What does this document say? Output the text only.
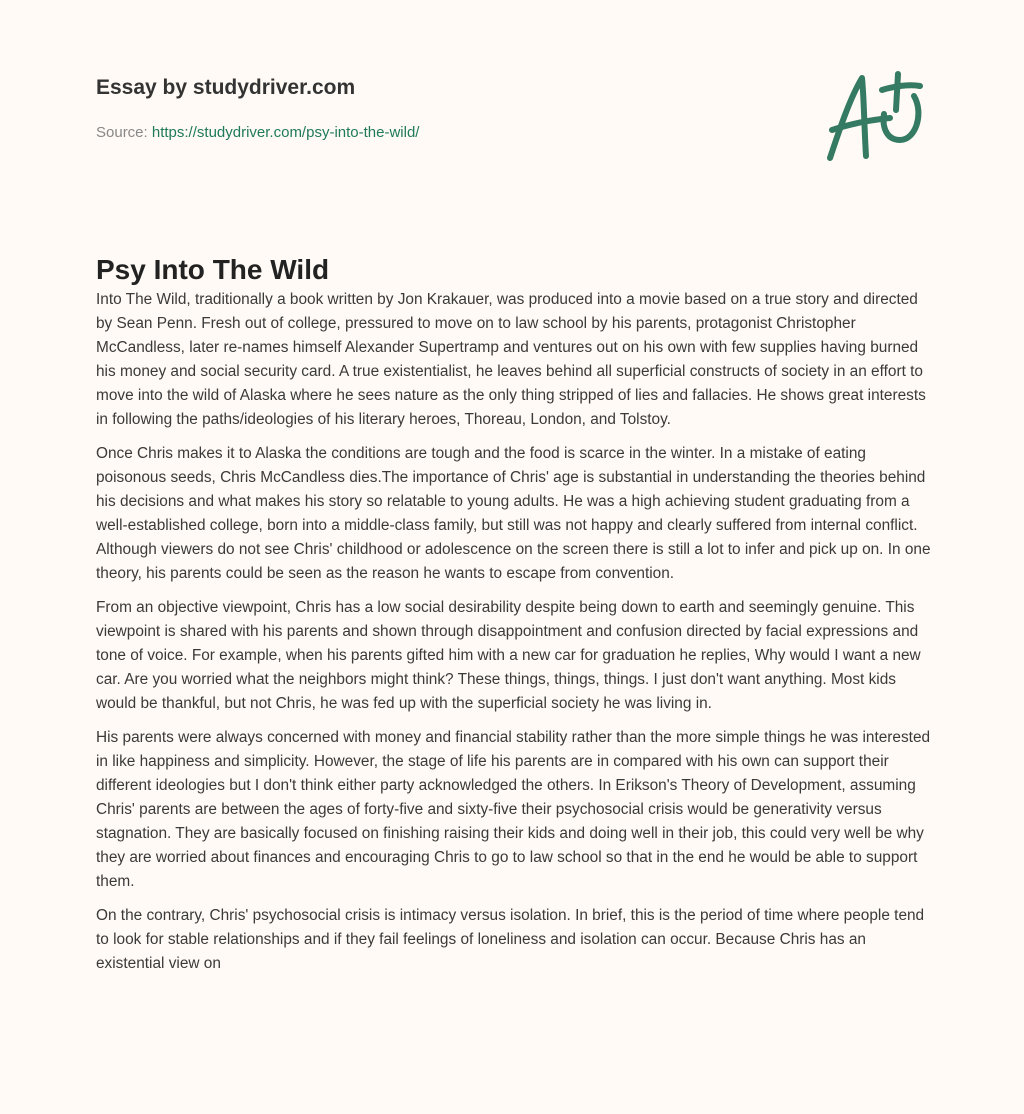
Essay by studydriver.com
Source: https://studydriver.com/psy-into-the-wild/
Psy Into The Wild

Into The Wild, traditionally a book written by Jon Krakauer, was produced into a movie based on a true story and directed by Sean Penn. Fresh out of college, pressured to move on to law school by his parents, protagonist Christopher McCandless, later re-names himself Alexander Supertramp and ventures out on his own with few supplies having burned his money and social security card. A true existentialist, he leaves behind all superficial constructs of society in an effort to move into the wild of Alaska where he sees nature as the only thing stripped of lies and fallacies. He shows great interests in following the paths/ideologies of his literary heroes, Thoreau, London, and Tolstoy.

Once Chris makes it to Alaska the conditions are tough and the food is scarce in the winter. In a mistake of eating poisonous seeds, Chris McCandless dies.The importance of Chris' age is substantial in understanding the theories behind his decisions and what makes his story so relatable to young adults. He was a high achieving student graduating from a well-established college, born into a middle-class family, but still was not happy and clearly suffered from internal conflict. Although viewers do not see Chris' childhood or adolescence on the screen there is still a lot to infer and pick up on. In one theory, his parents could be seen as the reason he wants to escape from convention.

From an objective viewpoint, Chris has a low social desirability despite being down to earth and seemingly genuine. This viewpoint is shared with his parents and shown through disappointment and confusion directed by facial expressions and tone of voice. For example, when his parents gifted him with a new car for graduation he replies, Why would I want a new car. Are you worried what the neighbors might think? These things, things, things. I just don't want anything. Most kids would be thankful, but not Chris, he was fed up with the superficial society he was living in.

His parents were always concerned with money and financial stability rather than the more simple things he was interested in like happiness and simplicity. However, the stage of life his parents are in compared with his own can support their different ideologies but I don't think either party acknowledged the others. In Erikson's Theory of Development, assuming Chris' parents are between the ages of forty-five and sixty-five their psychosocial crisis would be generativity versus stagnation. They are basically focused on finishing raising their kids and doing well in their job, this could very well be why they are worried about finances and encouraging Chris to go to law school so that in the end he would be able to support them.

On the contrary, Chris' psychosocial crisis is intimacy versus isolation. In brief, this is the period of time where people tend to look for stable relationships and if they fail feelings of loneliness and isolation can occur. Because Chris has an existential view on
